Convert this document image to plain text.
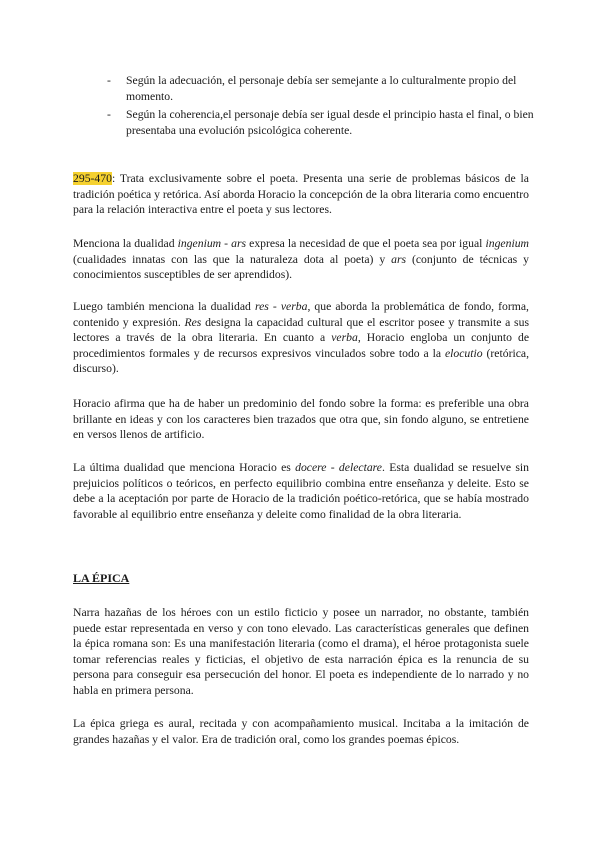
- Según la adecuación, el personaje debía ser semejante a lo culturalmente propio del momento.
- Según la coherencia,el personaje debía ser igual desde el principio hasta el final, o bien presentaba una evolución psicológica coherente.

295-470: Trata exclusivamente sobre el poeta. Presenta una serie de problemas básicos de la tradición poética y retórica. Así aborda Horacio la concepción de la obra literaria como encuentro para la relación interactiva entre el poeta y sus lectores.

Menciona la dualidad ingenium - ars expresa la necesidad de que el poeta sea por igual ingenium (cualidades innatas con las que la naturaleza dota al poeta) y ars (conjunto de técnicas y conocimientos susceptibles de ser aprendidos).

Luego también menciona la dualidad res - verba, que aborda la problemática de fondo, forma, contenido y expresión. Res designa la capacidad cultural que el escritor posee y transmite a sus lectores a través de la obra literaria. En cuanto a verba, Horacio engloba un conjunto de procedimientos formales y de recursos expresivos vinculados sobre todo a la elocutio (retórica, discurso).

Horacio afirma que ha de haber un predominio del fondo sobre la forma: es preferible una obra brillante en ideas y con los caracteres bien trazados que otra que, sin fondo alguno, se entretiene en versos llenos de artificio.

La última dualidad que menciona Horacio es docere - delectare. Esta dualidad se resuelve sin prejuicios políticos o teóricos, en perfecto equilibrio combina entre enseñanza y deleite. Esto se debe a la aceptación por parte de Horacio de la tradición poético-retórica, que se había mostrado favorable al equilibrio entre enseñanza y deleite como finalidad de la obra literaria.

LA ÉPICA

Narra hazañas de los héroes con un estilo ficticio y posee un narrador, no obstante, también puede estar representada en verso y con tono elevado. Las características generales que definen la épica romana son: Es una manifestación literaria (como el drama), el héroe protagonista suele tomar referencias reales y ficticias, el objetivo de esta narración épica es la renuncia de su persona para conseguir esa persecución del honor. El poeta es independiente de lo narrado y no habla en primera persona.

La épica griega es aural, recitada y con acompañamiento musical. Incitaba a la imitación de grandes hazañas y el valor. Era de tradición oral, como los grandes poemas épicos.
